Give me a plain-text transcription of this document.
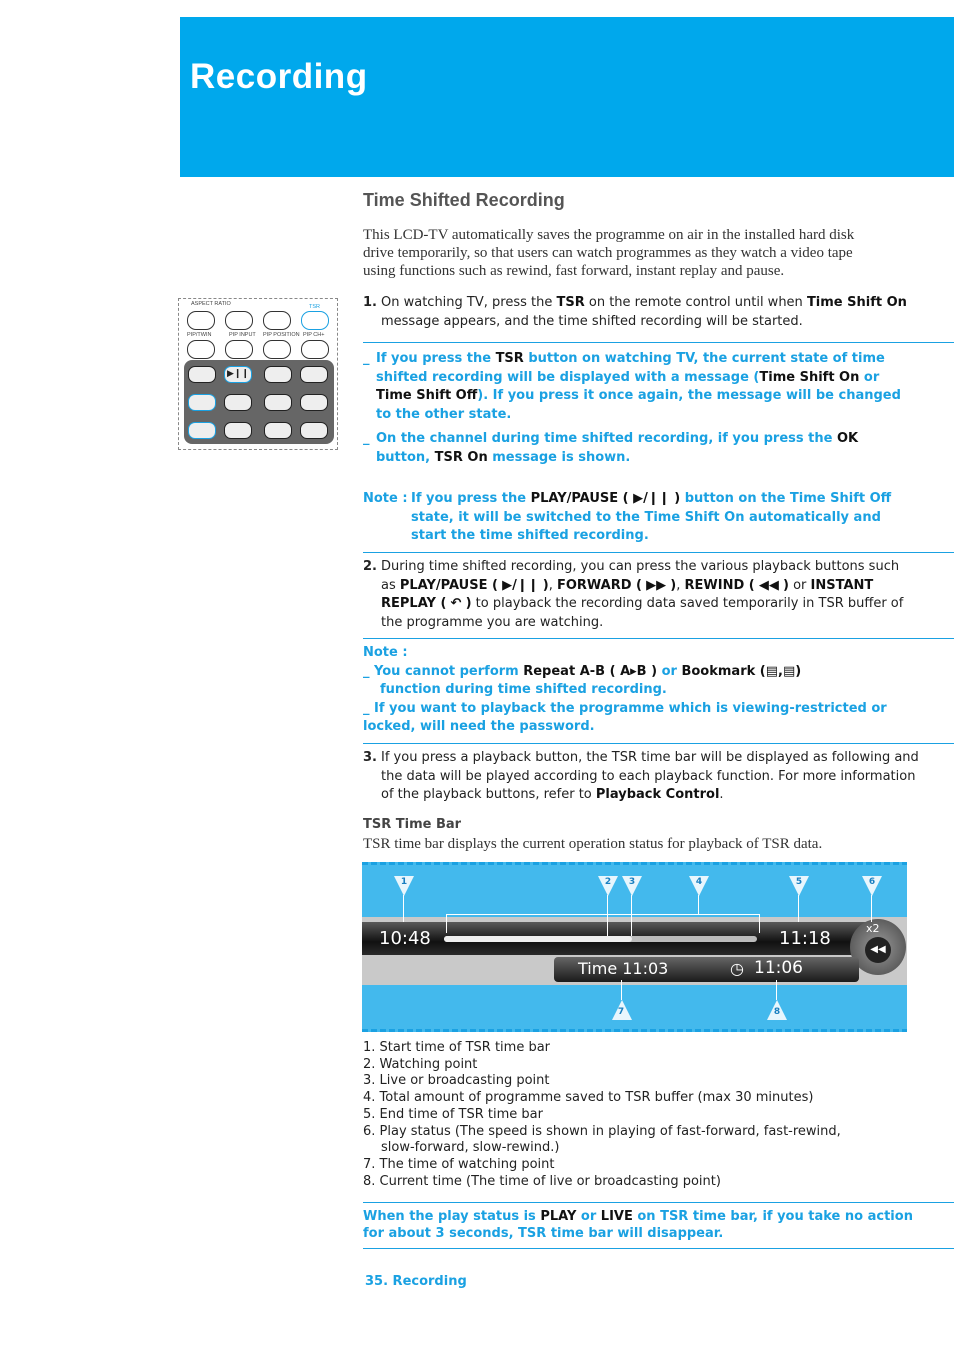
Recording
Time Shifted Recording
This LCD-TV automatically saves the programme on air in the installed hard disk drive temporarily, so that users can watch programmes as they watch a video tape using functions such as rewind, fast forward, instant replay and pause.
ASPECT RATIO	TSR
PIP/TWIN	PIP INPUT PIP POSITION PIP CH+
▶❙❙
1. On watching TV, press the TSR on the remote control until when Time Shift On message appears, and the time shifted recording will be started.
_ If you press the TSR button on watching TV, the current state of time shifted recording will be displayed with a message (Time Shift On or Time Shift Off). If you press it once again, the message will be changed to the other state.
_ On the channel during time shifted recording, if you press the OK button, TSR On message is shown.
Note : If you press the PLAY/PAUSE ( ▶/❙❙ ) button on the Time Shift Off state, it will be switched to the Time Shift On automatically and start the time shifted recording.
2. During time shifted recording, you can press the various playback buttons such as PLAY/PAUSE ( ▶/❙❙ ), FORWARD ( ▶▶ ), REWIND ( ◀◀ ) or INSTANT REPLAY ( ↶ ) to playback the recording data saved temporarily in TSR buffer of the programme you are watching.
Note :
_ You cannot perform Repeat A-B ( A▸B ) or Bookmark (▤,▤)
function during time shifted recording.
_ If you want to playback the programme which is viewing-restricted or locked, will need the password.
3. If you press a playback button, the TSR time bar will be displayed as following and the data will be played according to each playback function. For more information of the playback buttons, refer to Playback Control.
TSR Time Bar
TSR time bar displays the current operation status for playback of TSR data.
10:48	11:18	x2
◀◀
Time 11:03	◷ 11:06
1	2	3	4	5	6
7	8
1. Start time of TSR time bar
2. Watching point
3. Live or broadcasting point
4. Total amount of programme saved to TSR buffer (max 30 minutes)
5. End time of TSR time bar
6. Play status (The speed is shown in playing of fast-forward, fast-rewind,
slow-forward, slow-rewind.)
7. The time of watching point
8. Current time (The time of live or broadcasting point)
When the play status is PLAY or LIVE on TSR time bar, if you take no action for about 3 seconds, TSR time bar will disappear.
35. Recording
